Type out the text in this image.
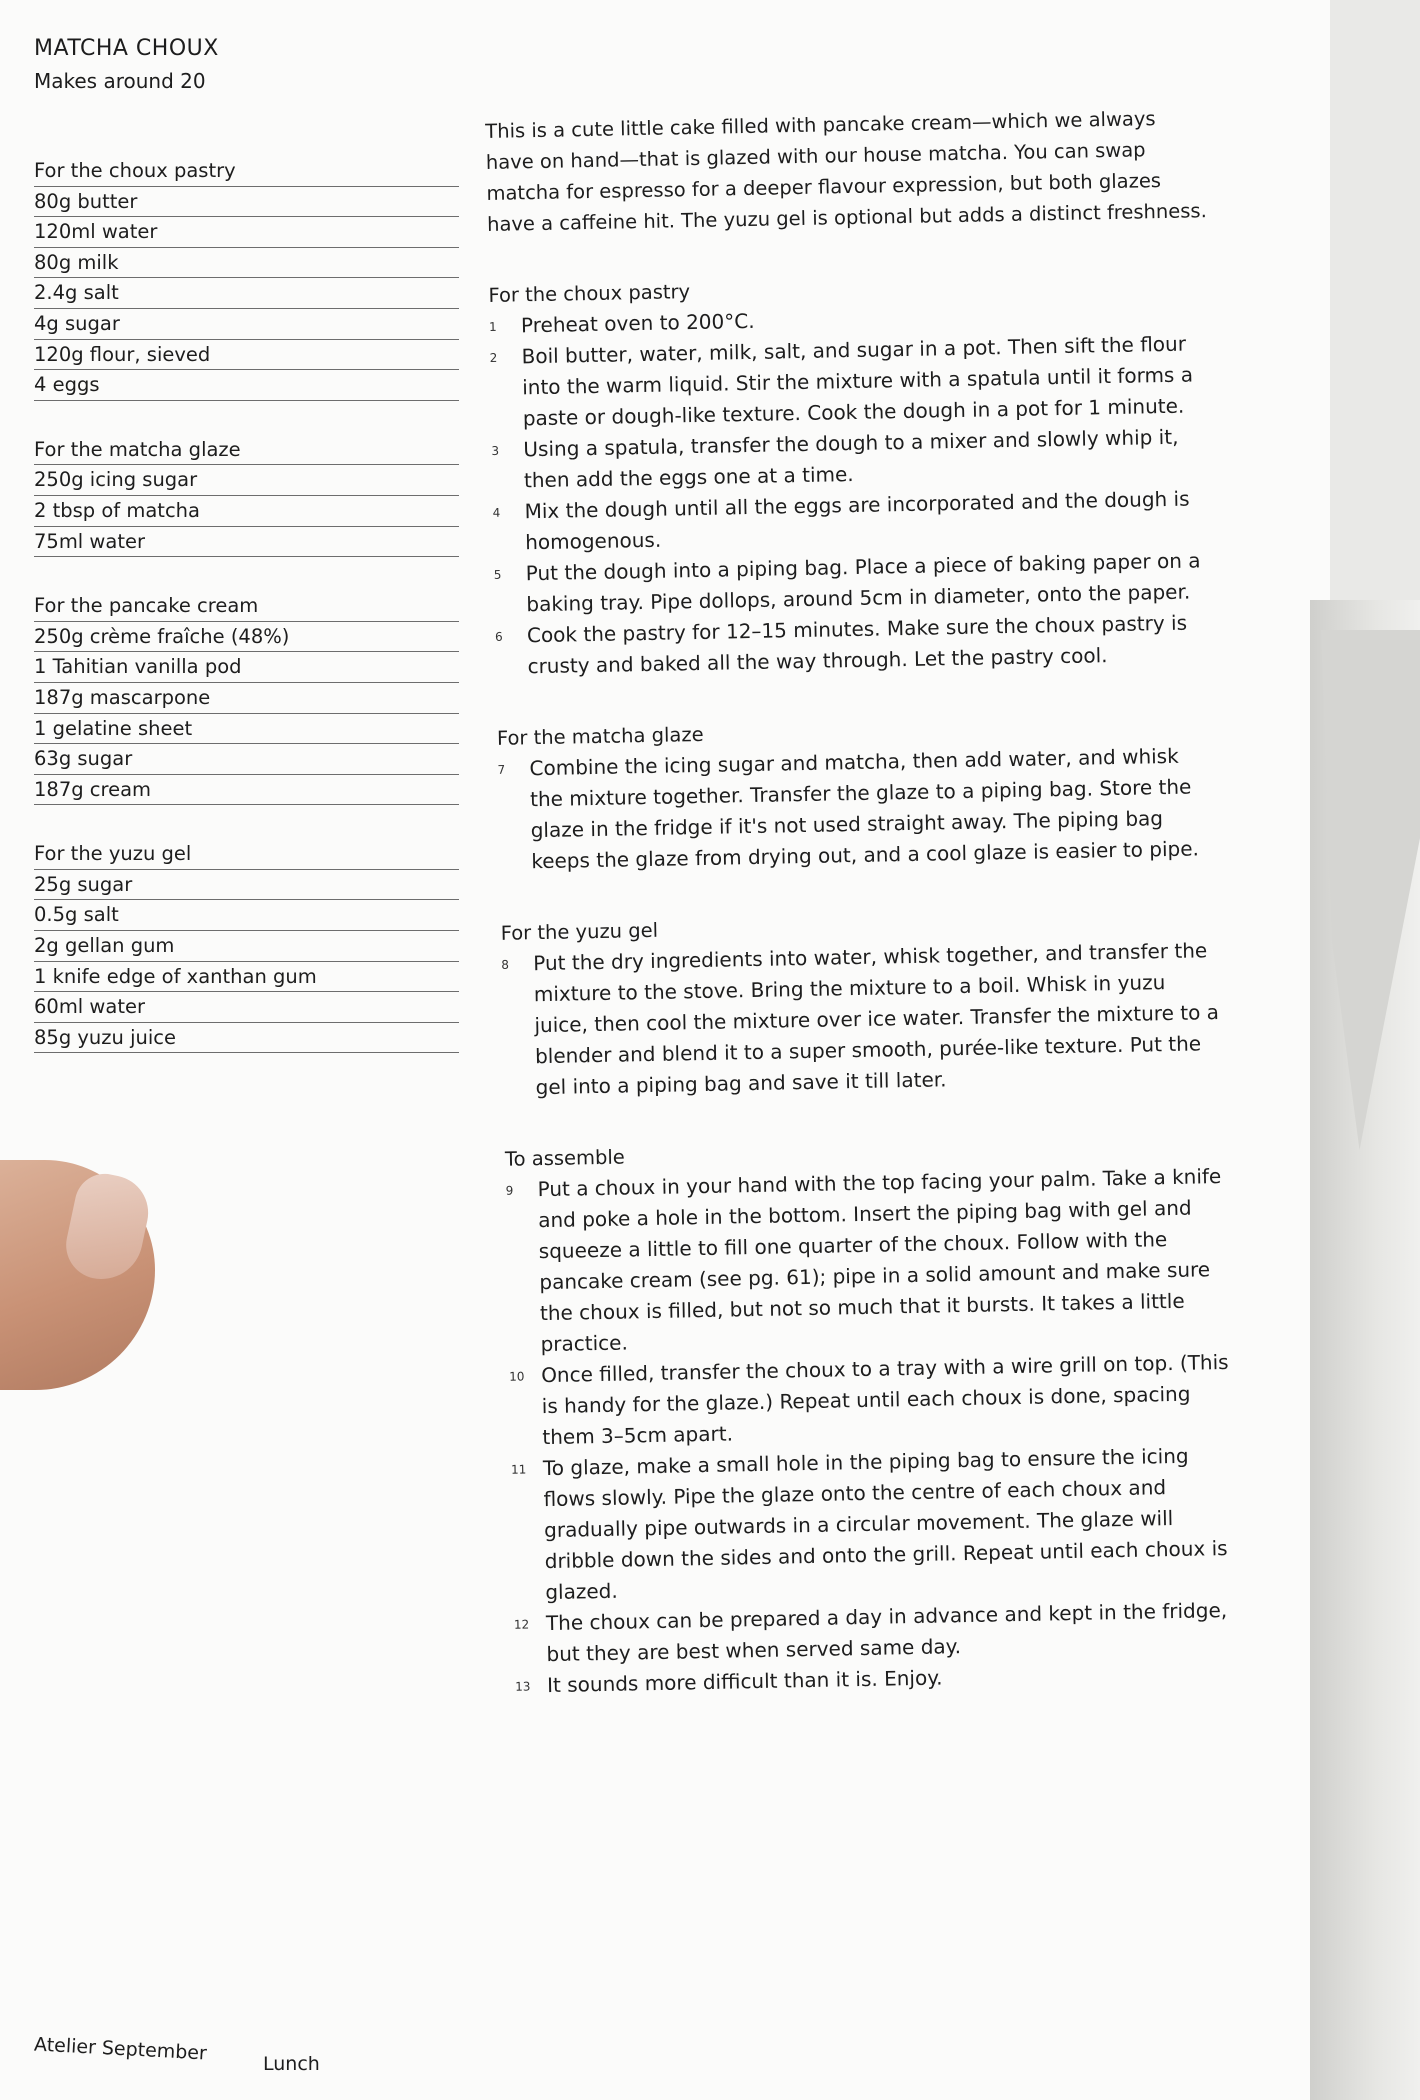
MATCHA CHOUX
Makes around 20
For the choux pastry
80g butter
120ml water
80g milk
2.4g salt
4g sugar
120g flour, sieved
4 eggs
For the matcha glaze
250g icing sugar
2 tbsp of matcha
75ml water
For the pancake cream
250g crème fraîche (48%)
1 Tahitian vanilla pod
187g mascarpone
1 gelatine sheet
63g sugar
187g cream
For the yuzu gel
25g sugar
0.5g salt
2g gellan gum
1 knife edge of xanthan gum
60ml water
85g yuzu juice

This is a cute little cake filled with pancake cream—which we always have on hand—that is glazed with our house matcha. You can swap matcha for espresso for a deeper flavour expression, but both glazes have a caffeine hit. The yuzu gel is optional but adds a distinct freshness.

For the choux pastry
1 Preheat oven to 200°C.
2 Boil butter, water, milk, salt, and sugar in a pot. Then sift the flour into the warm liquid. Stir the mixture with a spatula until it forms a paste or dough-like texture. Cook the dough in a pot for 1 minute.
3 Using a spatula, transfer the dough to a mixer and slowly whip it, then add the eggs one at a time.
4 Mix the dough until all the eggs are incorporated and the dough is homogenous.
5 Put the dough into a piping bag. Place a piece of baking paper on a baking tray. Pipe dollops, around 5cm in diameter, onto the paper.
6 Cook the pastry for 12–15 minutes. Make sure the choux pastry is crusty and baked all the way through. Let the pastry cool.
For the matcha glaze
7 Combine the icing sugar and matcha, then add water, and whisk the mixture together. Transfer the glaze to a piping bag. Store the glaze in the fridge if it's not used straight away. The piping bag keeps the glaze from drying out, and a cool glaze is easier to pipe.
For the yuzu gel
8 Put the dry ingredients into water, whisk together, and transfer the mixture to the stove. Bring the mixture to a boil. Whisk in yuzu juice, then cool the mixture over ice water. Transfer the mixture to a blender and blend it to a super smooth, purée-like texture. Put the gel into a piping bag and save it till later.
To assemble
9 Put a choux in your hand with the top facing your palm. Take a knife and poke a hole in the bottom. Insert the piping bag with gel and squeeze a little to fill one quarter of the choux. Follow with the pancake cream (see pg. 61); pipe in a solid amount and make sure the choux is filled, but not so much that it bursts. It takes a little practice.
10 Once filled, transfer the choux to a tray with a wire grill on top. (This is handy for the glaze.) Repeat until each choux is done, spacing them 3–5cm apart.
11 To glaze, make a small hole in the piping bag to ensure the icing flows slowly. Pipe the glaze onto the centre of each choux and gradually pipe outwards in a circular movement. The glaze will dribble down the sides and onto the grill. Repeat until each choux is glazed.
12 The choux can be prepared a day in advance and kept in the fridge, but they are best when served same day.
13 It sounds more difficult than it is. Enjoy.
Atelier September	Lunch
